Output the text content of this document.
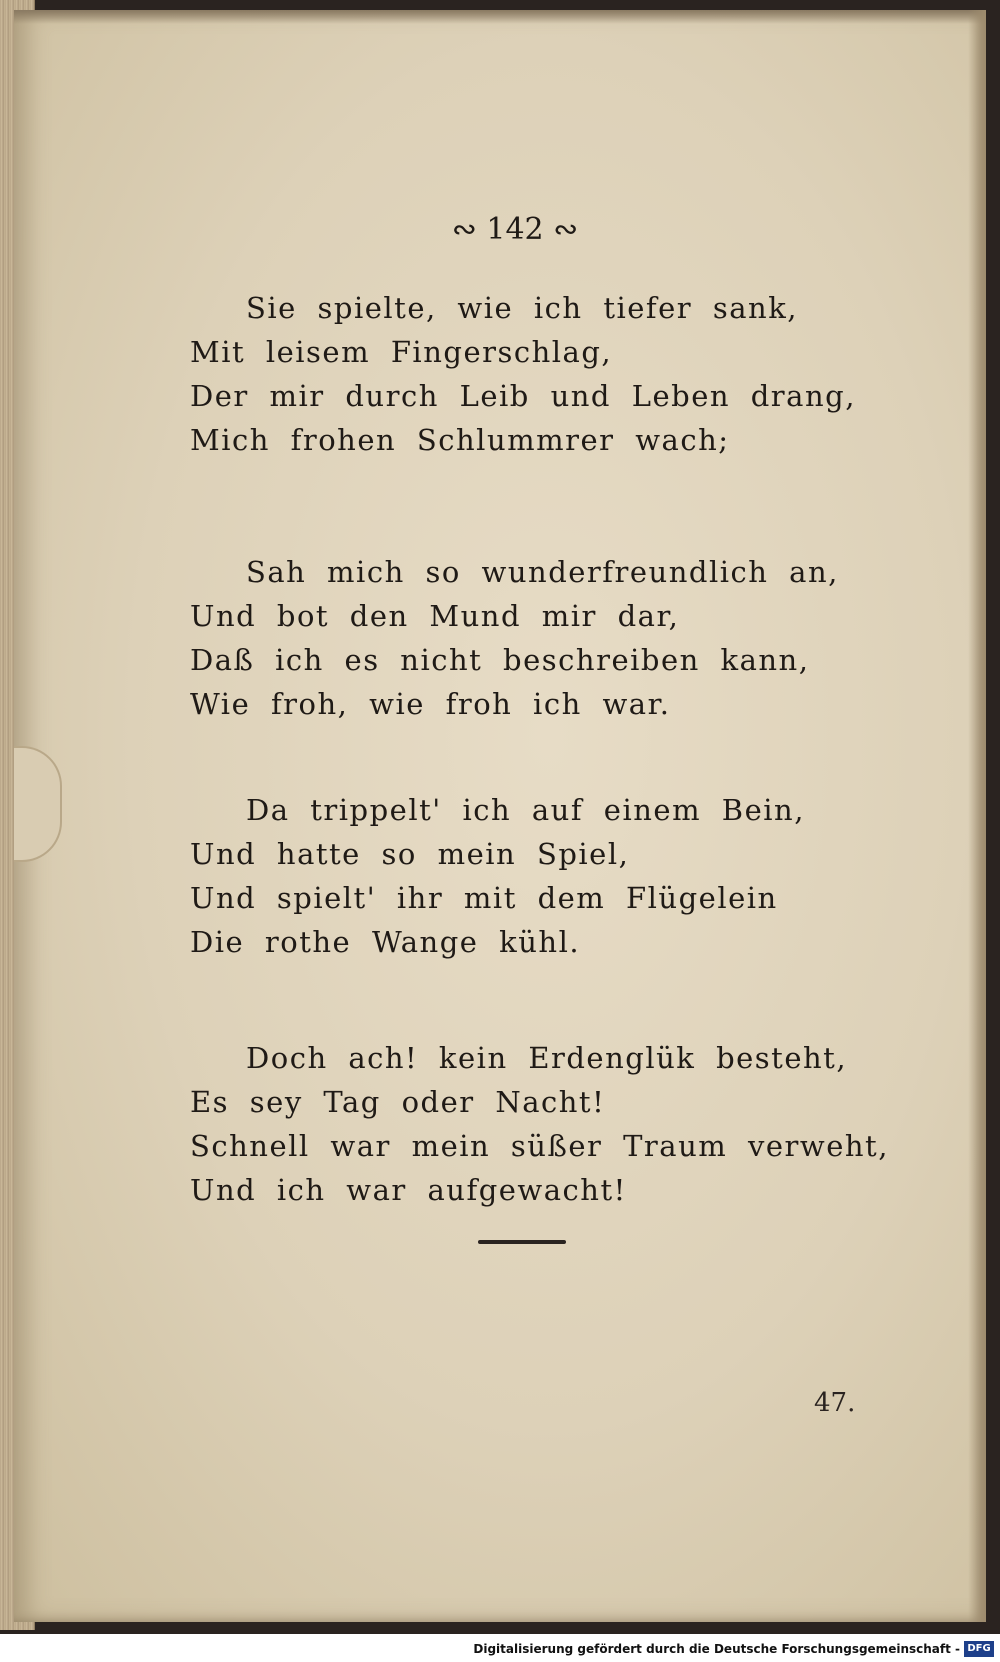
∾ 142 ∾
Sie spielte, wie ich tiefer sank,
Mit leisem Fingerschlag,
Der mir durch Leib und Leben drang,
Mich frohen Schlummrer wach;
Sah mich so wunderfreundlich an,
Und bot den Mund mir dar,
Daß ich es nicht beschreiben kann,
Wie froh, wie froh ich war.
Da trippelt' ich auf einem Bein,
Und hatte so mein Spiel,
Und spielt' ihr mit dem Flügelein
Die rothe Wange kühl.
Doch ach! kein Erdenglük besteht,
Es sey Tag oder Nacht!
Schnell war mein süßer Traum verweht,
Und ich war aufgewacht!
47.
Digitalisierung gefördert durch die Deutsche Forschungsgemeinschaft - DFG
